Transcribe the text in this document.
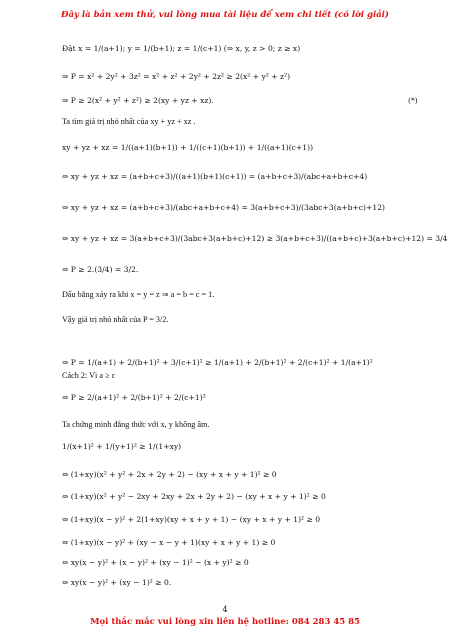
Đây là bản xem thử, vui lòng mua tài liệu để xem chi tiết (có lời giải)
Đặt x = 1/(a+1); y = 1/(b+1); z = 1/(c+1) (⇒ x, y, z > 0; z ≥ x)
⇒ P = x² + 2y² + 3z² = x² + z² + 2y² + 2z² ≥ 2(x² + y² + z²)
⇒ P ≥ 2(x² + y² + z²) ≥ 2(xy + yz + xz).	(*)
Ta tìm giá trị nhỏ nhất của xy + yz + xz .
xy + yz + xz = 1/((a+1)(b+1)) + 1/((c+1)(b+1)) + 1/((a+1)(c+1))
⇔ xy + yz + xz = (a+b+c+3)/((a+1)(b+1)(c+1)) = (a+b+c+3)/(abc+a+b+c+4)
⇔ xy + yz + xz = (a+b+c+3)/(abc+a+b+c+4) = 3(a+b+c+3)/(3abc+3(a+b+c)+12)
⇔ xy + yz + xz = 3(a+b+c+3)/(3abc+3(a+b+c)+12) ≥ 3(a+b+c+3)/((a+b+c)+3(a+b+c)+12) = 3/4
⇒ P ≥ 2.(3/4) = 3/2.
Dấu bằng xảy ra khi x = y = z ⇒ a = b = c = 1.
Vậy giá trị nhỏ nhất của P = 3/2.
⇒ P = 1/(a+1) + 2/(b+1)² + 3/(c+1)² ≥ 1/(a+1) + 2/(b+1)² + 2/(c+1)² + 1/(a+1)²
Cách 2: Vì a ≥ c
⇒ P ≥ 2/(a+1)² + 2/(b+1)² + 2/(c+1)²
Ta chứng minh đẳng thức với x, y không âm.
1/(x+1)² + 1/(y+1)² ≥ 1/(1+xy)
⇔ (1+xy)(x² + y² + 2x + 2y + 2) − (xy + x + y + 1)² ≥ 0
⇔ (1+xy)(x² + y² − 2xy + 2xy + 2x + 2y + 2) − (xy + x + y + 1)² ≥ 0
⇔ (1+xy)(x − y)² + 2(1+xy)(xy + x + y + 1) − (xy + x + y + 1)² ≥ 0
⇔ (1+xy)(x − y)² + (xy − x − y + 1)(xy + x + y + 1) ≥ 0
⇔ xy(x − y)² + (x − y)² + (xy − 1)² − (x + y)² ≥ 0
⇔ xy(x − y)² + (xy − 1)² ≥ 0.
4
Mọi thắc mắc vui lòng xin liên hệ hotline: 084 283 45 85
